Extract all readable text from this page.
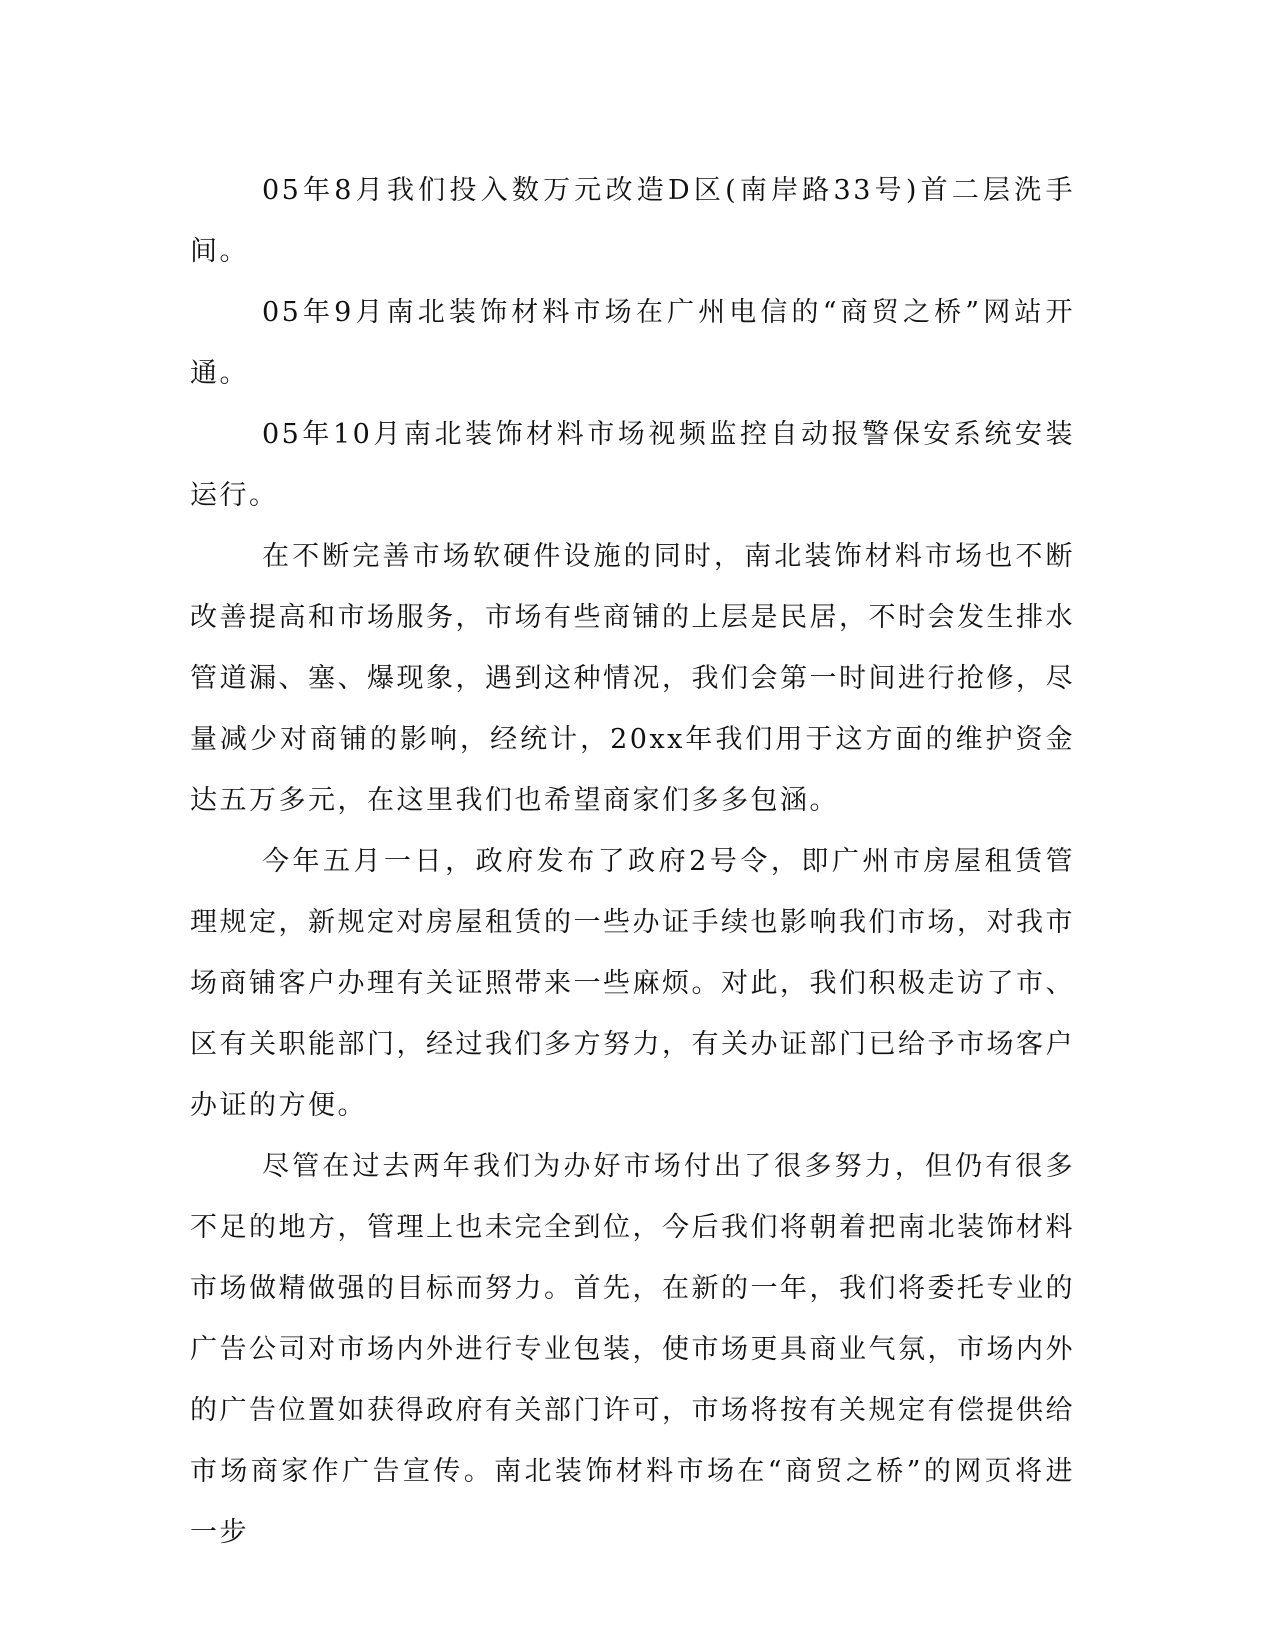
05年8月我们投入数万元改造D区(南岸路33号)首二层洗手间。

05年9月南北装饰材料市场在广州电信的“商贸之桥”网站开通。

05年10月南北装饰材料市场视频监控自动报警保安系统安装运行。

在不断完善市场软硬件设施的同时，南北装饰材料市场也不断改善提高和市场服务，市场有些商铺的上层是民居，不时会发生排水管道漏、塞、爆现象，遇到这种情况，我们会第一时间进行抢修，尽量减少对商铺的影响，经统计，20xx年我们用于这方面的维护资金达五万多元，在这里我们也希望商家们多多包涵。

今年五月一日，政府发布了政府2号令，即广州市房屋租赁管理规定，新规定对房屋租赁的一些办证手续也影响我们市场，对我市场商铺客户办理有关证照带来一些麻烦。对此，我们积极走访了市、区有关职能部门，经过我们多方努力，有关办证部门已给予市场客户办证的方便。

尽管在过去两年我们为办好市场付出了很多努力，但仍有很多不足的地方，管理上也未完全到位，今后我们将朝着把南北装饰材料市场做精做强的目标而努力。首先，在新的一年，我们将委托专业的广告公司对市场内外进行专业包装，使市场更具商业气氛，市场内外的广告位置如获得政府有关部门许可，市场将按有关规定有偿提供给市场商家作广告宣传。南北装饰材料市场在“商贸之桥”的网页将进一步
